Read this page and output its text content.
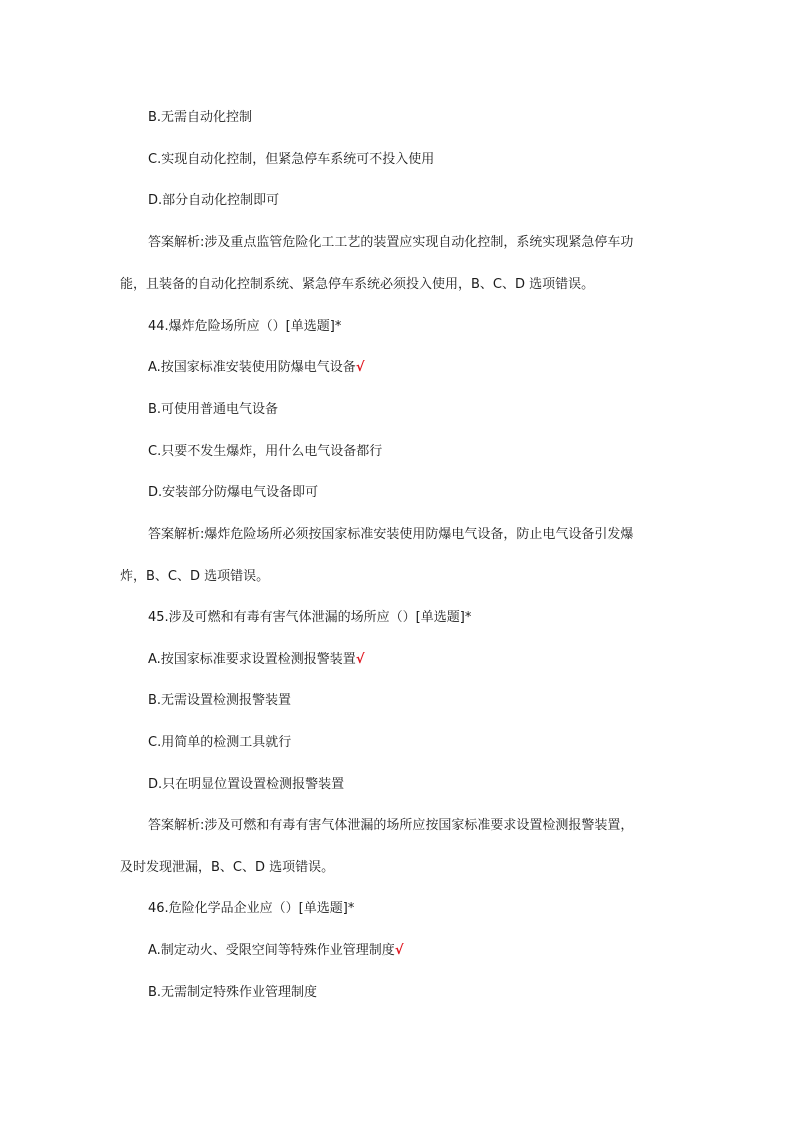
B.无需自动化控制
C.实现自动化控制，但紧急停车系统可不投入使用
D.部分自动化控制即可
答案解析:涉及重点监管危险化工工艺的装置应实现自动化控制，系统实现紧急停车功
能，且装备的自动化控制系统、紧急停车系统必须投入使用，B、C、D 选项错误。
44.爆炸危险场所应（）[单选题]*
A.按国家标准安装使用防爆电气设备√
B.可使用普通电气设备
C.只要不发生爆炸，用什么电气设备都行
D.安装部分防爆电气设备即可
答案解析:爆炸危险场所必须按国家标准安装使用防爆电气设备，防止电气设备引发爆
炸，B、C、D 选项错误。
45.涉及可燃和有毒有害气体泄漏的场所应（）[单选题]*
A.按国家标准要求设置检测报警装置√
B.无需设置检测报警装置
C.用简单的检测工具就行
D.只在明显位置设置检测报警装置
答案解析:涉及可燃和有毒有害气体泄漏的场所应按国家标准要求设置检测报警装置，
及时发现泄漏，B、C、D 选项错误。
46.危险化学品企业应（）[单选题]*
A.制定动火、受限空间等特殊作业管理制度√
B.无需制定特殊作业管理制度
